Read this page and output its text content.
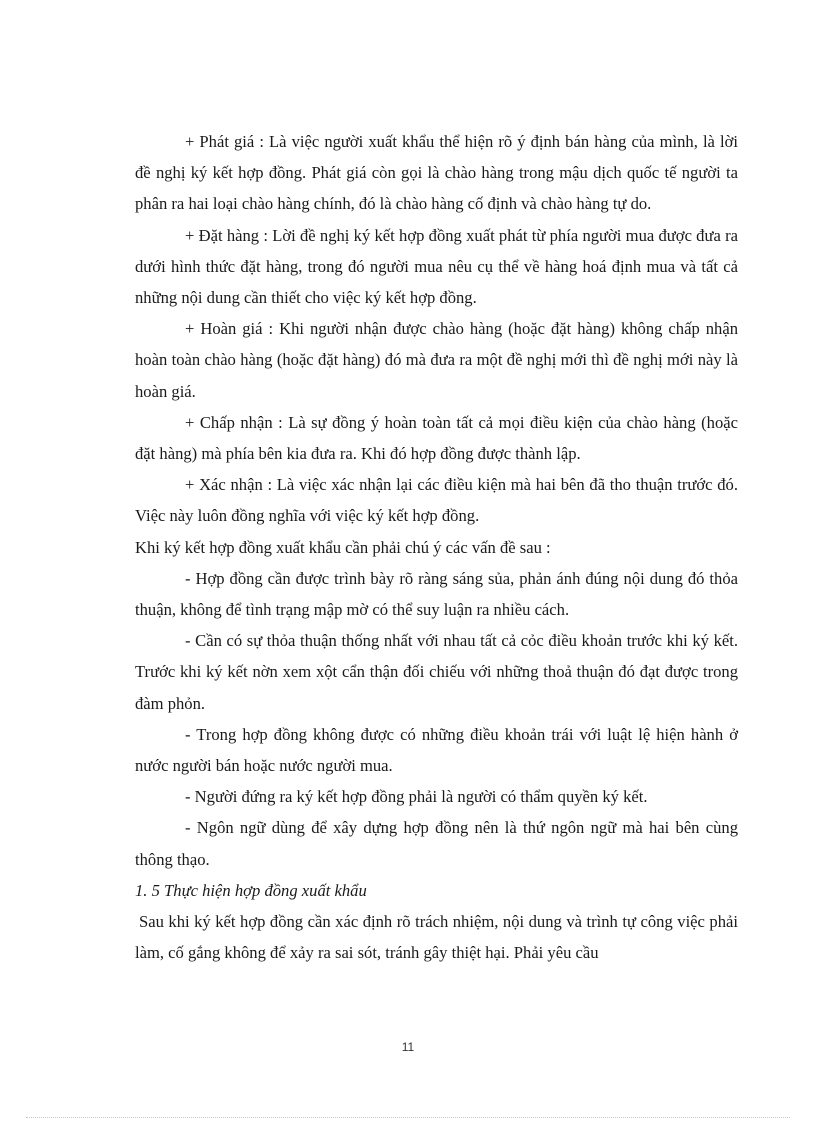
+ Phát giá : Là việc người xuất khẩu thể hiện rõ ý định bán hàng của mình, là lời đề nghị ký kết hợp đồng. Phát giá còn gọi là chào hàng trong mậu dịch quốc tế người ta phân ra hai loại chào hàng chính, đó là chào hàng cố định và chào hàng tự do.

+ Đặt hàng : Lời đề nghị ký kết hợp đồng xuất phát từ phía người mua được đưa ra dưới hình thức đặt hàng, trong đó người mua nêu cụ thể về hàng hoá định mua và tất cả những nội dung cần thiết cho việc ký kết hợp đồng.

+ Hoàn giá : Khi người nhận được chào hàng (hoặc đặt hàng) không chấp nhận hoàn toàn chào hàng (hoặc đặt hàng) đó mà đưa ra một đề nghị mới thì đề nghị mới này là hoàn giá.

+ Chấp nhận : Là sự đồng ý hoàn toàn tất cả mọi điều kiện của chào hàng (hoặc đặt hàng) mà phía bên kia đưa ra. Khi đó hợp đồng được thành lập.

+ Xác nhận : Là việc xác nhận lại các điều kiện mà hai bên đã tho thuận trước đó. Việc này luôn đồng nghĩa với việc ký kết hợp đồng.

Khi ký kết hợp đồng xuất khẩu cần phải chú ý các vấn đề sau :

- Hợp đồng cần được trình bày rõ ràng sáng sủa, phản ánh đúng nội dung đó thỏa thuận, không để tình trạng mập mờ có thể suy luận ra nhiều cách.

- Cần có sự thỏa thuận thống nhất với nhau tất cả cỏc điều khoản trước khi ký kết. Trước khi ký kết nờn xem xột cẩn thận đối chiếu với những thoả thuận đó đạt được trong đàm phỏn.

- Trong hợp đồng không được có những điều khoản trái với luật lệ hiện hành ở nước người bán hoặc nước người mua.

- Người đứng ra ký kết hợp đồng phải là người có thẩm quyền ký kết.

- Ngôn ngữ dùng để xây dựng hợp đồng nên là thứ ngôn ngữ mà hai bên cùng thông thạo.

1. 5 Thực hiện hợp đồng xuất khẩu

Sau khi ký kết hợp đồng cần xác định rõ trách nhiệm, nội dung và trình tự công việc phải làm, cố gắng không để xảy ra sai sót, tránh gây thiệt hại. Phải yêu cầu

11
